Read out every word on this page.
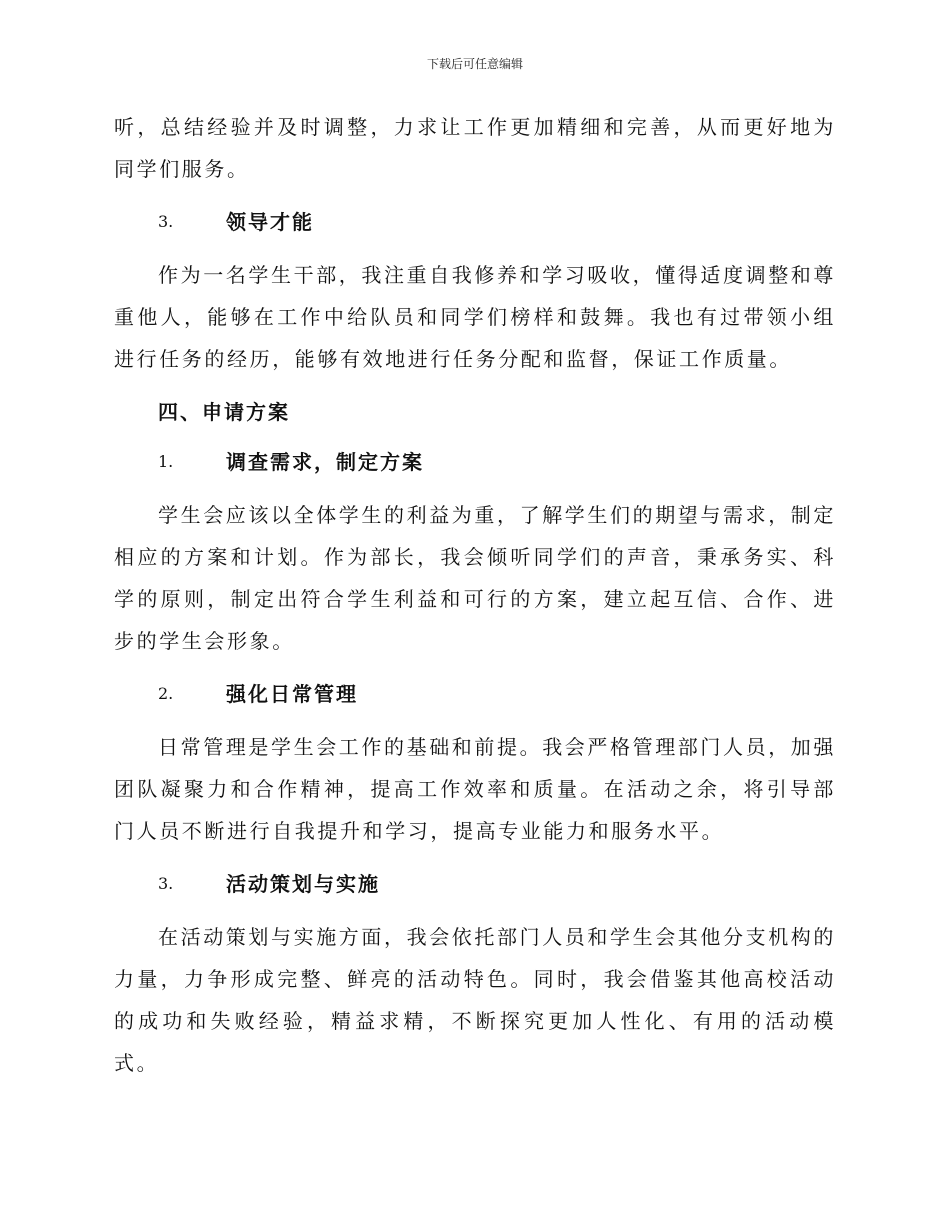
下载后可任意编辑

听，总结经验并及时调整，力求让工作更加精细和完善，从而更好地为同学们服务。

3.	领导才能

作为一名学生干部，我注重自我修养和学习吸收，懂得适度调整和尊重他人，能够在工作中给队员和同学们榜样和鼓舞。我也有过带领小组进行任务的经历，能够有效地进行任务分配和监督，保证工作质量。

四、申请方案
1.	调查需求，制定方案

学生会应该以全体学生的利益为重，了解学生们的期望与需求，制定相应的方案和计划。作为部长，我会倾听同学们的声音，秉承务实、科学的原则，制定出符合学生利益和可行的方案，建立起互信、合作、进步的学生会形象。

2.	强化日常管理

日常管理是学生会工作的基础和前提。我会严格管理部门人员，加强团队凝聚力和合作精神，提高工作效率和质量。在活动之余，将引导部门人员不断进行自我提升和学习，提高专业能力和服务水平。

3.	活动策划与实施

在活动策划与实施方面，我会依托部门人员和学生会其他分支机构的力量，力争形成完整、鲜亮的活动特色。同时，我会借鉴其他高校活动的成功和失败经验，精益求精，不断探究更加人性化、有用的活动模式。
